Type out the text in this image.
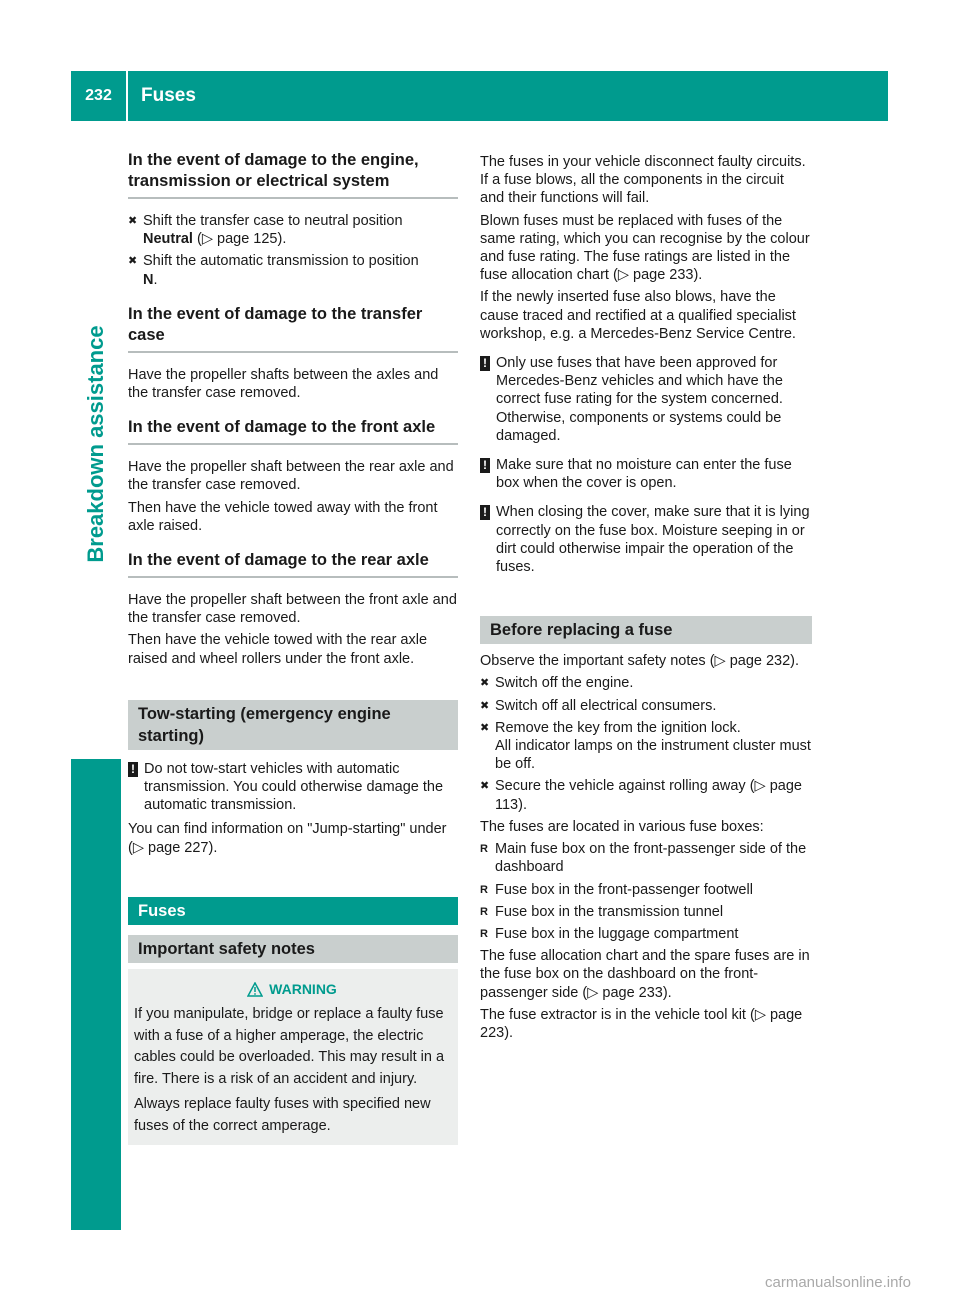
232	Fuses
Breakdown assistance
In the event of damage to the engine, transmission or electrical system
✖ Shift the transfer case to neutral position
Neutral (▷ page 125).
✖ Shift the automatic transmission to position
N.
In the event of damage to the transfer case

Have the propeller shafts between the axles and the transfer case removed.

In the event of damage to the front axle

Have the propeller shaft between the rear axle and the transfer case removed.

Then have the vehicle towed away with the front axle raised.

In the event of damage to the rear axle

Have the propeller shaft between the front axle and the transfer case removed.

Then have the vehicle towed with the rear axle raised and wheel rollers under the front axle.

Tow-starting (emergency engine starting)
! Do not tow-start vehicles with automatic transmission. You could otherwise damage the automatic transmission.

You can find information on "Jump-starting" under (▷ page 227).

Fuses
Important safety notes
WARNING

If you manipulate, bridge or replace a faulty fuse with a fuse of a higher amperage, the electric cables could be overloaded. This may result in a fire. There is a risk of an accident and injury.

Always replace faulty fuses with specified new fuses of the correct amperage.

The fuses in your vehicle disconnect faulty circuits. If a fuse blows, all the components in the circuit and their functions will fail.

Blown fuses must be replaced with fuses of the same rating, which you can recognise by the colour and fuse rating. The fuse ratings are listed in the fuse allocation chart (▷ page 233).

If the newly inserted fuse also blows, have the cause traced and rectified at a qualified specialist workshop, e.g. a Mercedes-Benz Service Centre.

! Only use fuses that have been approved for Mercedes-Benz vehicles and which have the correct fuse rating for the system concerned. Otherwise, components or systems could be damaged.
! Make sure that no moisture can enter the fuse box when the cover is open.
! When closing the cover, make sure that it is lying correctly on the fuse box. Moisture seeping in or dirt could otherwise impair the operation of the fuses.
Before replacing a fuse

Observe the important safety notes (▷ page 232).

✖ Switch off the engine.
✖ Switch off all electrical consumers.
✖ Remove the key from the ignition lock.
All indicator lamps on the instrument cluster must be off.
✖ Secure the vehicle against rolling away (▷ page 113).

The fuses are located in various fuse boxes:

R Main fuse box on the front-passenger side of the dashboard
R Fuse box in the front-passenger footwell
R Fuse box in the transmission tunnel
R Fuse box in the luggage compartment

The fuse allocation chart and the spare fuses are in the fuse box on the dashboard on the front-passenger side (▷ page 233).

The fuse extractor is in the vehicle tool kit (▷ page 223).

carmanualsonline.info
